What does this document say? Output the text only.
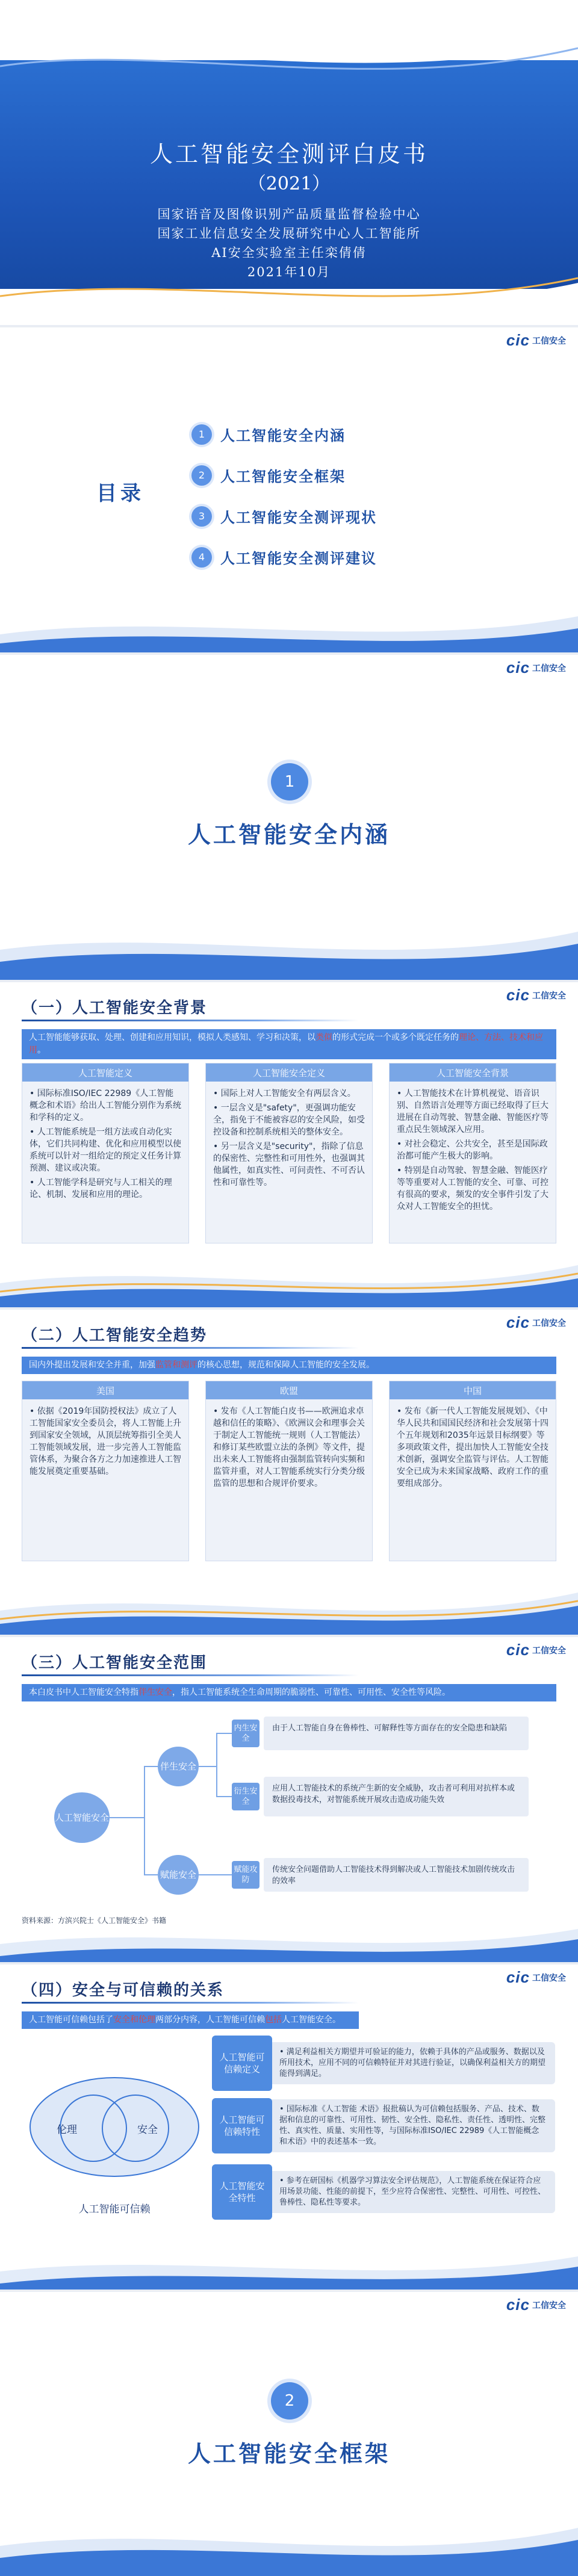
人工智能安全测评白皮书
（2021）
国家语音及图像识别产品质量监督检验中心
国家工业信息安全发展研究中心人工智能所
AI安全实验室主任栾倩倩
2021年10月
cic 工信安全
目录
1	人工智能安全内涵
2	人工智能安全框架
3	人工智能安全测评现状
4	人工智能安全测评建议
cic 工信安全
1
人工智能安全内涵
cic 工信安全
（一）人工智能安全背景
人工智能能够获取、处理、创建和应用知识，模拟人类感知、学习和决策，以类似的形式完成一个或多个既定任务的理论、方法、技术和应用。
人工智能定义

• 国际标准ISO/IEC 22989《人工智能概念和术语》给出人工智能分别作为系统和学科的定义。

• 人工智能系统是一组方法或自动化实体，它们共同构建、优化和应用模型以使系统可以针对一组给定的预定义任务计算预测、建议或决策。

• 人工智能学科是研究与人工相关的理论、机制、发展和应用的理论。

人工智能安全定义

• 国际上对人工智能安全有两层含义。

• 一层含义是"safety"，更强调功能安全，指免于不能被容忍的安全风险，如受控设备和控制系统相关的整体安全。

• 另一层含义是"security"，指除了信息的保密性、完整性和可用性外，也强调其他属性，如真实性、可问责性、不可否认性和可靠性等。

人工智能安全背景

• 人工智能技术在计算机视觉、语音识别、自然语言处理等方面已经取得了巨大进展在自动驾驶、智慧金融、智能医疗等重点民生领域深入应用。

• 对社会稳定、公共安全，甚至是国际政治都可能产生极大的影响。

• 特别是自动驾驶、智慧金融、智能医疗等等重要对人工智能的安全、可靠、可控有很高的要求，频发的安全事件引发了大众对人工智能安全的担忧。

cic 工信安全
（二）人工智能安全趋势
国内外提出发展和安全并重，加强监管和测评的核心思想，规范和保障人工智能的安全发展。
美国

• 依据《2019年国防授权法》成立了人工智能国家安全委员会，将人工智能上升到国家安全领域，从顶层统筹指引全美人工智能领域发展，进一步完善人工智能监管体系，为聚合各方之力加速推进人工智能发展奠定重要基础。

欧盟

• 发布《人工智能白皮书——欧洲追求卓越和信任的策略》、《欧洲议会和理事会关于制定人工智能统一规则（人工智能法）和修订某些欧盟立法的条例》等文件，提出未来人工智能将由强制监管转向实频和监管并重，对人工智能系统实行分类分级监管的思想和合规评价要求。

中国

• 发布《新一代人工智能发展规划》、《中华人民共和国国民经济和社会发展第十四个五年规划和2035年远景目标纲要》等多项政策文件，提出加快人工智能安全技术创新，强调安全监管与评估。人工智能安全已成为未来国家战略、政府工作的重要组成部分。

cic 工信安全
（三）人工智能安全范围
本白皮书中人工智能安全特指伴生安全，指人工智能系统全生命周期的脆弱性、可靠性、可用性、安全性等风险。
人工智能安全
伴生安全
赋能安全
内生安全
由于人工智能自身在鲁棒性、可解释性等方面存在的安全隐患和缺陷
衍生安全
应用人工智能技术的系统产生新的安全威胁，攻击者可利用对抗样本或数据投毒技术，对智能系统开展攻击造成功能失效
赋能攻防
传统安全问题借助人工智能技术得到解决或人工智能技术加剧传统攻击的效率
资料来源：方滨兴院士《人工智能安全》书籍
cic 工信安全
（四）安全与可信赖的关系
人工智能可信赖包括了安全和伦理两部分内容，人工智能可信赖包括人工智能安全。
伦理	安全
人工智能可信赖
人工智能可信赖定义
• 满足利益相关方期望并可验证的能力，依赖于具体的产品或服务、数据以及所用技术，应用不同的可信赖特征并对其进行验证，以确保利益相关方的期望能得到满足。
人工智能可信赖特性
• 国际标准《人工智能 术语》报批稿认为可信赖包括服务、产品、技术、数据和信息的可靠性、可用性、韧性、安全性、隐私性、责任性、透明性、完整性、真实性、质量、实用性等，与国际标准ISO/IEC 22989《人工智能概念和术语》中的表述基本一致。
人工智能安全特性
• 参考在研国标《机器学习算法安全评估规范》，人工智能系统在保证符合应用场景功能、性能的前提下，至少应符合保密性、完整性、可用性、可控性、鲁棒性、隐私性等要求。
cic 工信安全
2
人工智能安全框架
